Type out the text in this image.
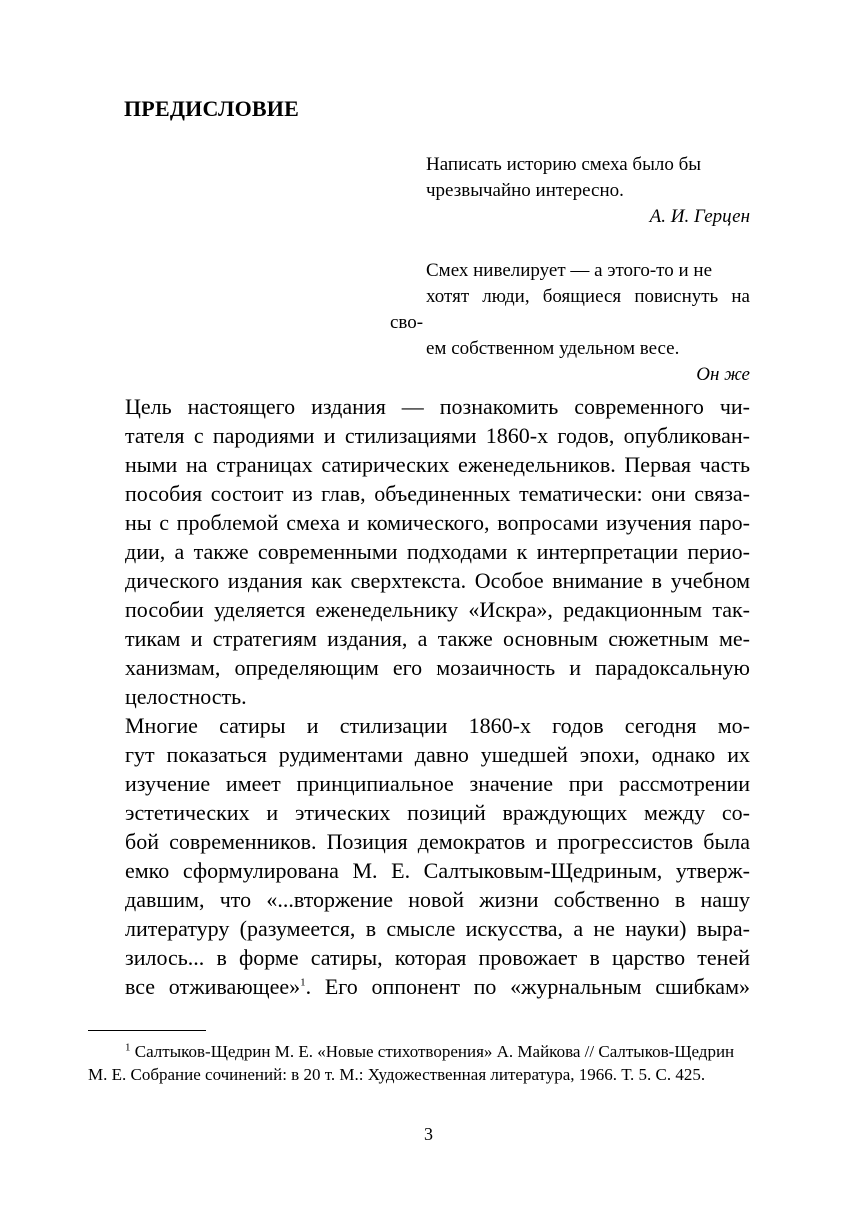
ПРЕДИСЛОВИЕ

Написать историю смеха было бы
чрезвычайно интересно.

А. И. Герцен

Смех нивелирует — а этого-то и не
хотят люди, боящиеся повиснуть на сво-
ем собственном удельном весе.

Он же

Цель настоящего издания — познакомить современного чи-
тателя с пародиями и стилизациями 1860-х годов, опубликован-
ными на страницах сатирических еженедельников. Первая часть
пособия состоит из глав, объединенных тематически: они связа-
ны с проблемой смеха и комического, вопросами изучения паро-
дии, а также современными подходами к интерпретации перио-
дического издания как сверхтекста. Особое внимание в учебном
пособии уделяется еженедельнику «Искра», редакционным так-
тикам и стратегиям издания, а также основным сюжетным ме-
ханизмам, определяющим его мозаичность и парадоксальную
целостность.

Многие сатиры и стилизации 1860-х годов сегодня мо-
гут показаться рудиментами давно ушедшей эпохи, однако их
изучение имеет принципиальное значение при рассмотрении
эстетических и этических позиций враждующих между со-
бой современников. Позиция демократов и прогрессистов была
емко сформулирована М. Е. Салтыковым-Щедриным, утверж-
давшим, что «...вторжение новой жизни собственно в нашу
литературу (разумеется, в смысле искусства, а не науки) выра-
зилось... в форме сатиры, которая провожает в царство теней
все отживающее»$^1$. Его оппонент по «журнальным сшибкам»

$^1$ Салтыков-Щедрин М. Е. «Новые стихотворения» А. Майкова // Салтыков-Щедрин М. Е. Собрание сочинений: в 20 т. М.: Художественная литература, 1966. Т. 5. С. 425.

3
